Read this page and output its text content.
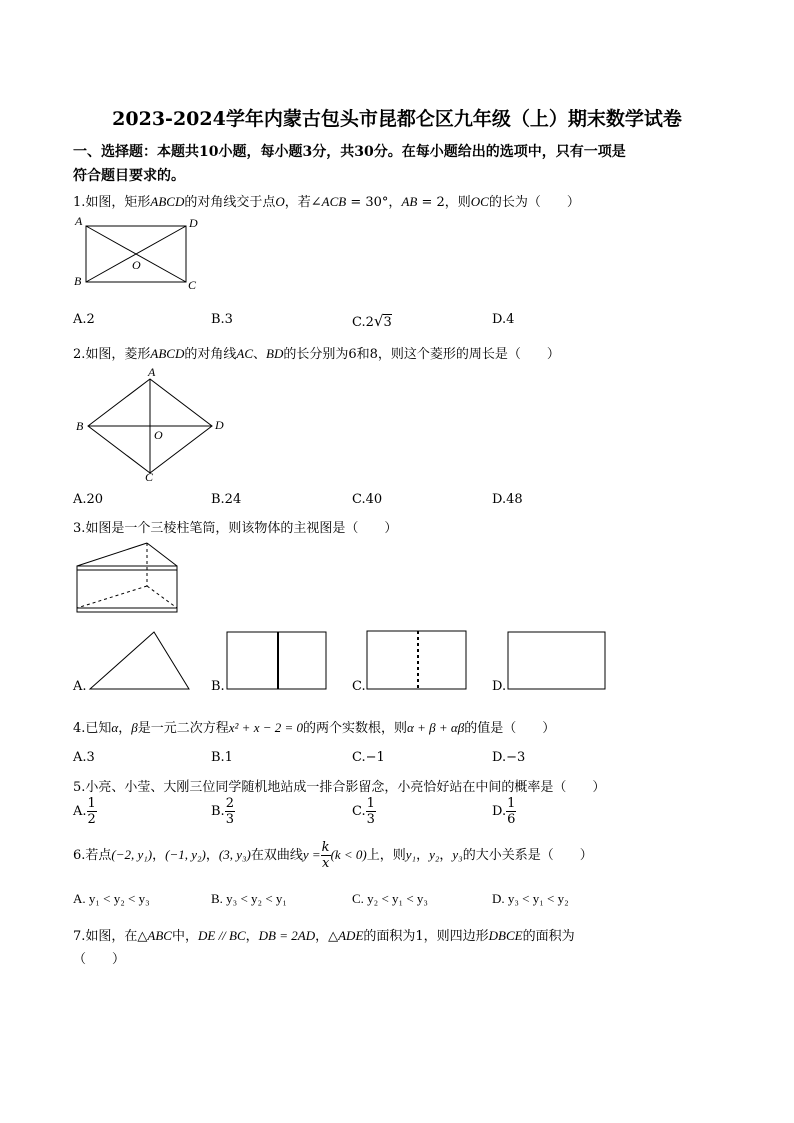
2023-2024学年内蒙古包头市昆都仑区九年级（上）期末数学试卷
一、选择题：本题共10小题，每小题3分，共30分。在每小题给出的选项中，只有一项是
符合题目要求的。
1.如图，矩形ABCD的对角线交于点O，若∠ACB = 30°，AB = 2，则OC的长为（　　）
A	D
O
B	C
A.2	B.3	C.2√3	D.4
2.如图，菱形ABCD的对角线AC、BD的长分别为6和8，则这个菱形的周长是（　　）
A
B
O
D
C
A.20	B.24	C.40	D.48
3.如图是一个三棱柱笔筒，则该物体的主视图是（　　）
A.	B.	C.	D.
4.已知α，β是一元二次方程x² + x − 2 = 0的两个实数根，则α + β + αβ的值是（　　）
A.3	B.1	C.−1	D.−3
5.小亮、小莹、大刚三位同学随机地站成一排合影留念，小亮恰好站在中间的概率是（　　）
A. $\frac{1}{2}$	B. $\frac{2}{3}$	C. $\frac{1}{3}$	D. $\frac{1}{6}$
6.若点(−2, y₁)，(−1, y₂)，(3, y₃)在双曲线$y = \frac{k}{x} (k < 0)$上，则y₁，y₂，y₃的大小关系是（　　）
A. y₁ < y₂ < y₃	B. y₃ < y₂ < y₁	C. y₂ < y₁ < y₃	D. y₃ < y₁ < y₂
7.如图，在△ABC中，DE // BC，DB = 2AD，△ADE的面积为1，则四边形DBCE的面积为
（　　）
